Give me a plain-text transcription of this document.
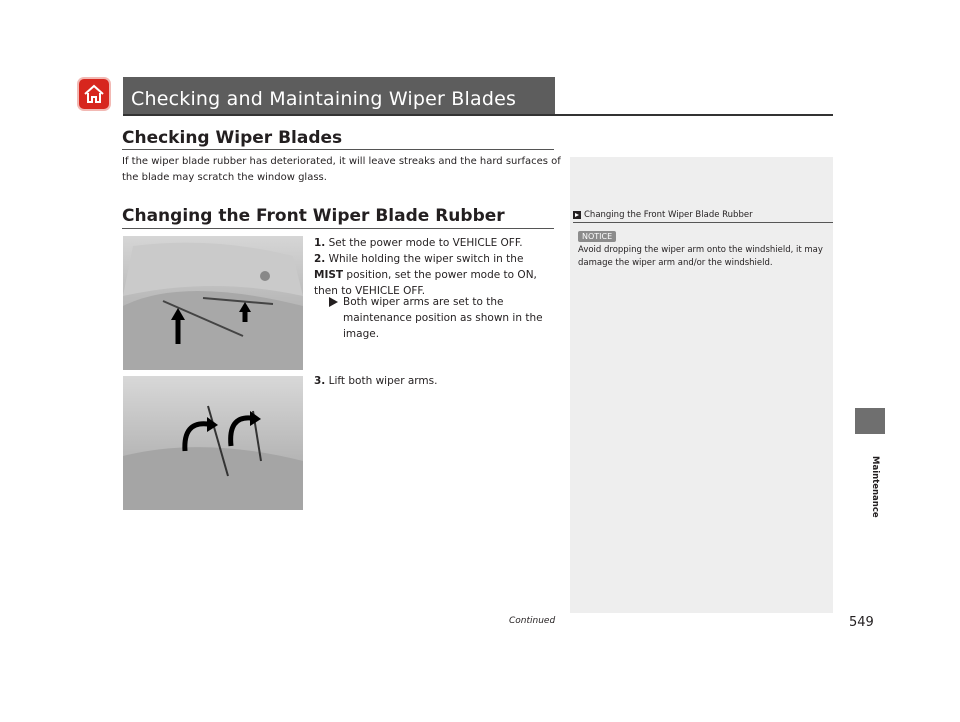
Checking and Maintaining Wiper Blades
Checking Wiper Blades
If the wiper blade rubber has deteriorated, it will leave streaks and the hard surfaces of the blade may scratch the window glass.
Changing the Front Wiper Blade Rubber
1. Set the power mode to VEHICLE OFF.
2. While holding the wiper switch in the MIST position, set the power mode to ON, then to VEHICLE OFF.
Both wiper arms are set to the maintenance position as shown in the image.
3. Lift both wiper arms.
Changing the Front Wiper Blade Rubber
NOTICE
Avoid dropping the wiper arm onto the windshield, it may damage the wiper arm and/or the windshield.
Maintenance
Continued	549
